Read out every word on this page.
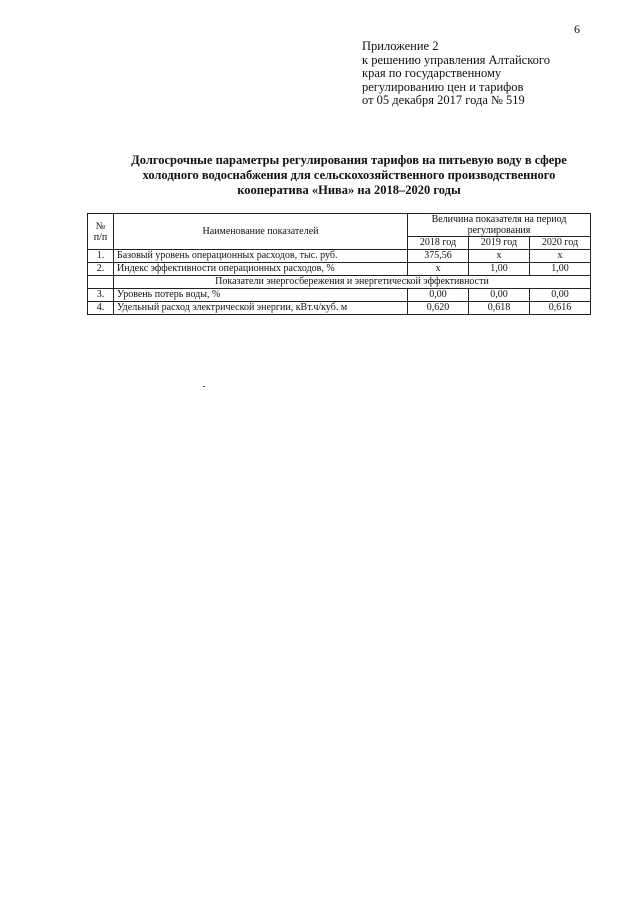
6
Приложение 2
к решению управления Алтайского
края по государственному
регулированию цен и тарифов
от 05 декабря 2017 года № 519
Долгосрочные параметры регулирования тарифов на питьевую воду в сфере
холодного водоснабжения для сельскохозяйственного производственного
кооператива «Нива» на 2018–2020 годы
№
п/п	Наименование показателей	Величина показателя на период регулирования		
		2018 год	2019 год	2020 год
1.	Базовый уровень операционных расходов, тыс. руб.	375,56	х	х
2.	Индекс эффективности операционных расходов, %	х	1,00	1,00
	Показатели энергосбережения и энергетической эффективности			
3.	Уровень потерь воды, %	0,00	0,00	0,00
4.	Удельный расход электрической энергии, кВт.ч/куб. м	0,620	0,618	0,616
